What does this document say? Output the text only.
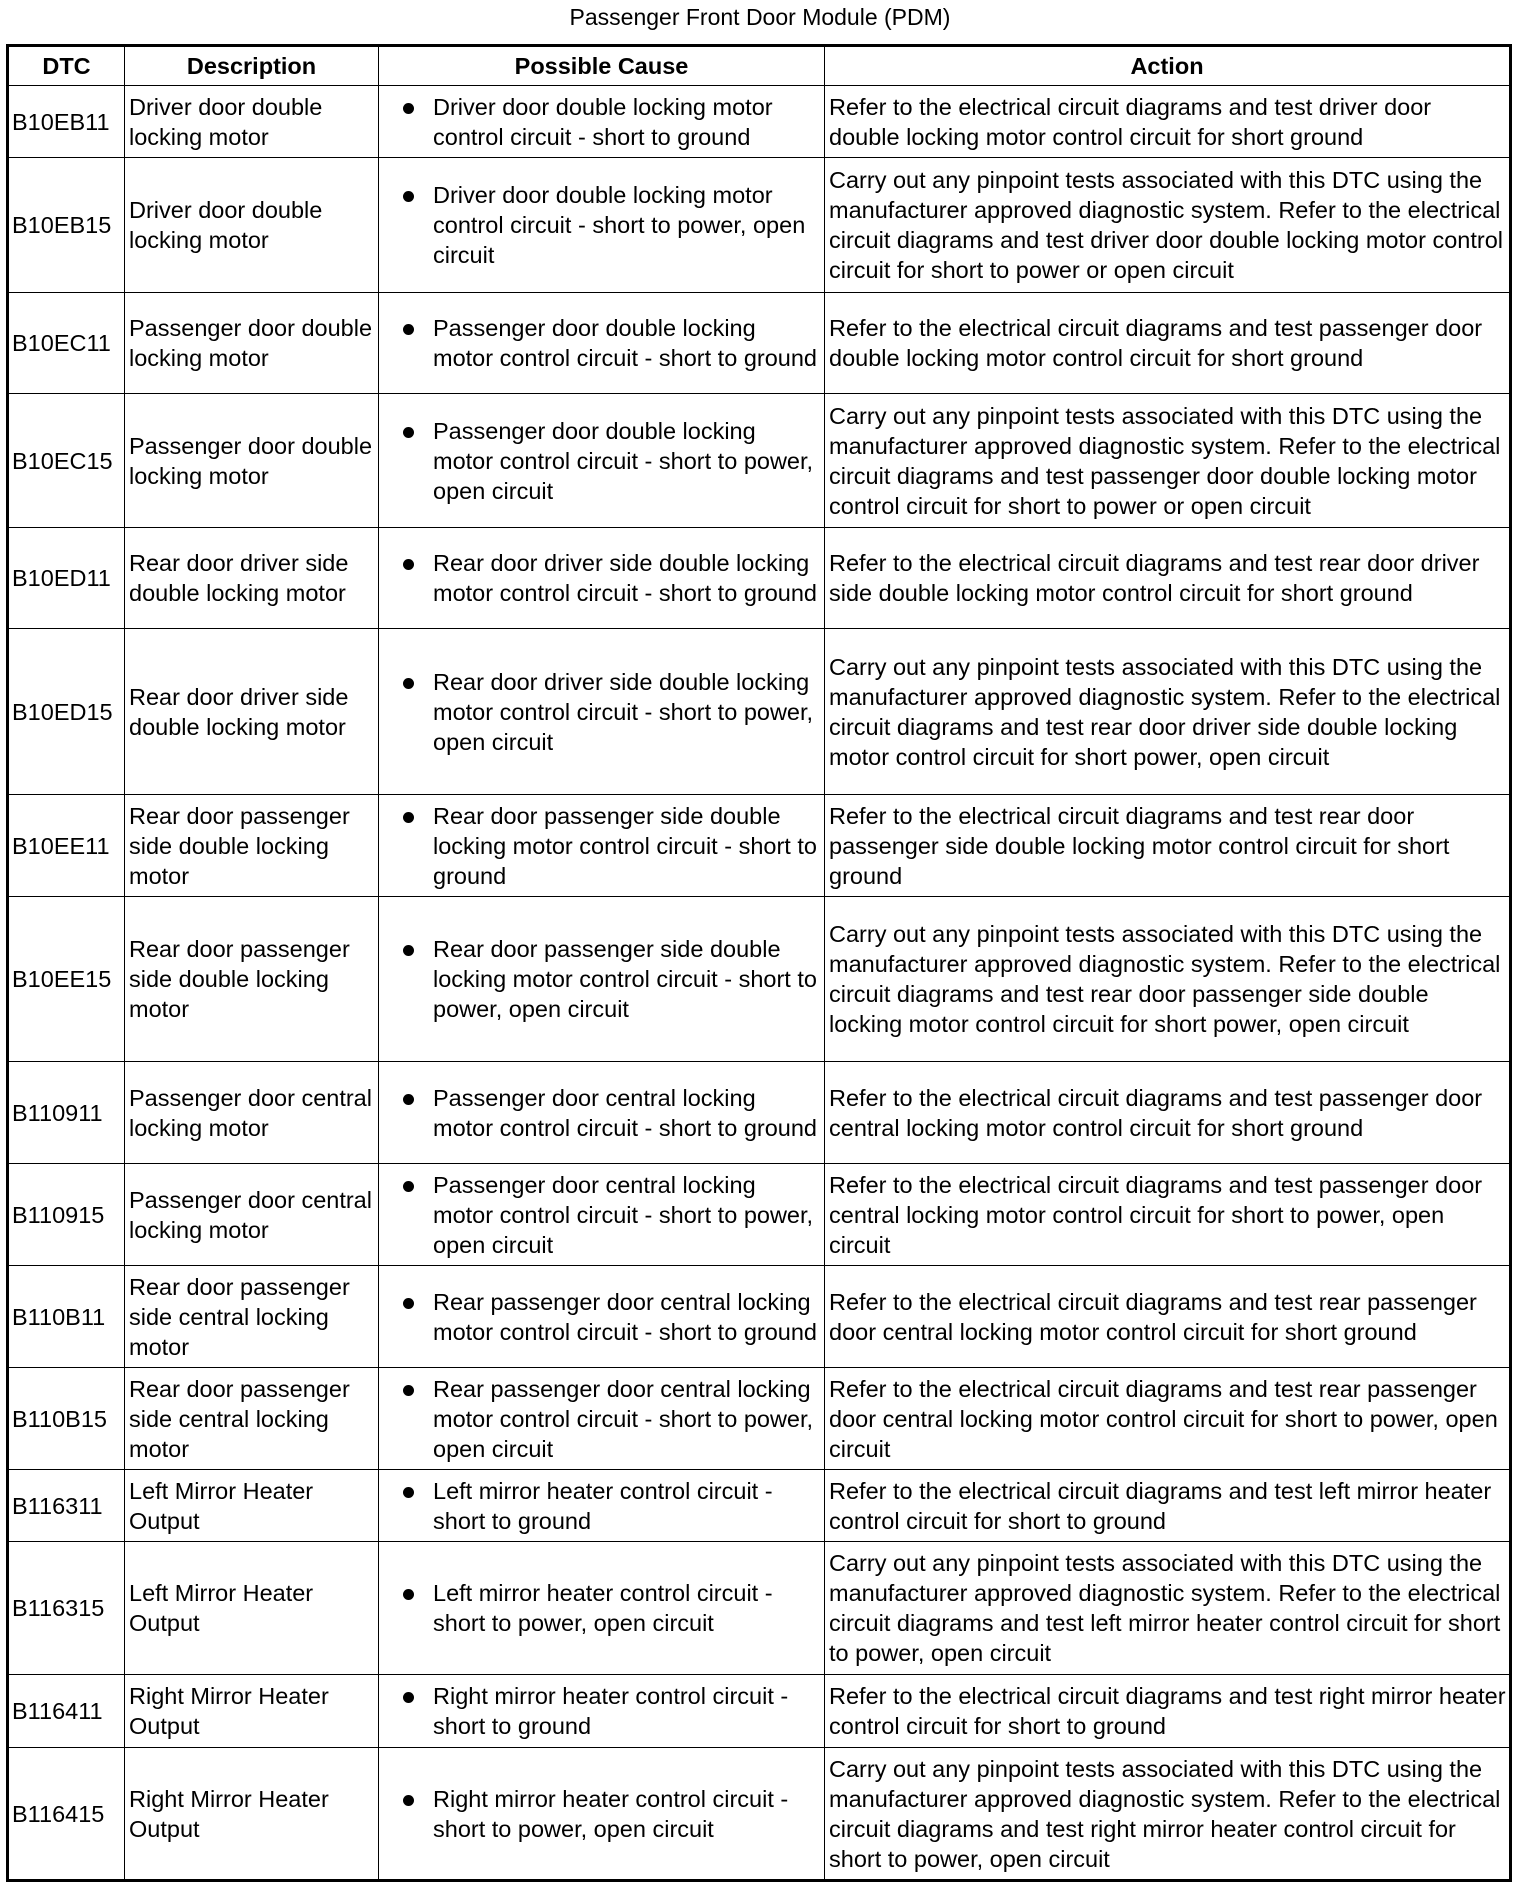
Passenger Front Door Module (PDM)
DTC	Description	Possible Cause	Action
B10EB11	Driver door double locking motor	Driver door double locking motor control circuit - short to ground	Refer to the electrical circuit diagrams and test driver door double locking motor control circuit for short ground
B10EB15	Driver door double locking motor	Driver door double locking motor control circuit - short to power, open circuit	Carry out any pinpoint tests associated with this DTC using the manufacturer approved diagnostic system. Refer to the electrical circuit diagrams and test driver door double locking motor control circuit for short to power or open circuit
B10EC11	Passenger door double locking motor	Passenger door double locking motor control circuit - short to ground	Refer to the electrical circuit diagrams and test passenger door double locking motor control circuit for short ground
B10EC15	Passenger door double locking motor	Passenger door double locking motor control circuit - short to power, open circuit	Carry out any pinpoint tests associated with this DTC using the manufacturer approved diagnostic system. Refer to the electrical circuit diagrams and test passenger door double locking motor control circuit for short to power or open circuit
B10ED11	Rear door driver side double locking motor	Rear door driver side double locking motor control circuit - short to ground	Refer to the electrical circuit diagrams and test rear door driver side double locking motor control circuit for short ground
B10ED15	Rear door driver side double locking motor	Rear door driver side double locking motor control circuit - short to power, open circuit	Carry out any pinpoint tests associated with this DTC using the manufacturer approved diagnostic system. Refer to the electrical circuit diagrams and test rear door driver side double locking motor control circuit for short power, open circuit
B10EE11	Rear door passenger side double locking motor	Rear door passenger side double locking motor control circuit - short to ground	Refer to the electrical circuit diagrams and test rear door passenger side double locking motor control circuit for short ground
B10EE15	Rear door passenger side double locking motor	Rear door passenger side double locking motor control circuit - short to power, open circuit	Carry out any pinpoint tests associated with this DTC using the manufacturer approved diagnostic system. Refer to the electrical circuit diagrams and test rear door passenger side double locking motor control circuit for short power, open circuit
B110911	Passenger door central locking motor	Passenger door central locking motor control circuit - short to ground	Refer to the electrical circuit diagrams and test passenger door central locking motor control circuit for short ground
B110915	Passenger door central locking motor	Passenger door central locking motor control circuit - short to power, open circuit	Refer to the electrical circuit diagrams and test passenger door central locking motor control circuit for short to power, open circuit
B110B11	Rear door passenger side central locking motor	Rear passenger door central locking motor control circuit - short to ground	Refer to the electrical circuit diagrams and test rear passenger door central locking motor control circuit for short ground
B110B15	Rear door passenger side central locking motor	Rear passenger door central locking motor control circuit - short to power, open circuit	Refer to the electrical circuit diagrams and test rear passenger door central locking motor control circuit for short to power, open circuit
B116311	Left Mirror Heater Output	Left mirror heater control circuit - short to ground	Refer to the electrical circuit diagrams and test left mirror heater control circuit for short to ground
B116315	Left Mirror Heater Output	Left mirror heater control circuit - short to power, open circuit	Carry out any pinpoint tests associated with this DTC using the manufacturer approved diagnostic system. Refer to the electrical circuit diagrams and test left mirror heater control circuit for short to power, open circuit
B116411	Right Mirror Heater Output	Right mirror heater control circuit - short to ground	Refer to the electrical circuit diagrams and test right mirror heater control circuit for short to ground
B116415	Right Mirror Heater Output	Right mirror heater control circuit - short to power, open circuit	Carry out any pinpoint tests associated with this DTC using the manufacturer approved diagnostic system. Refer to the electrical circuit diagrams and test right mirror heater control circuit for short to power, open circuit
